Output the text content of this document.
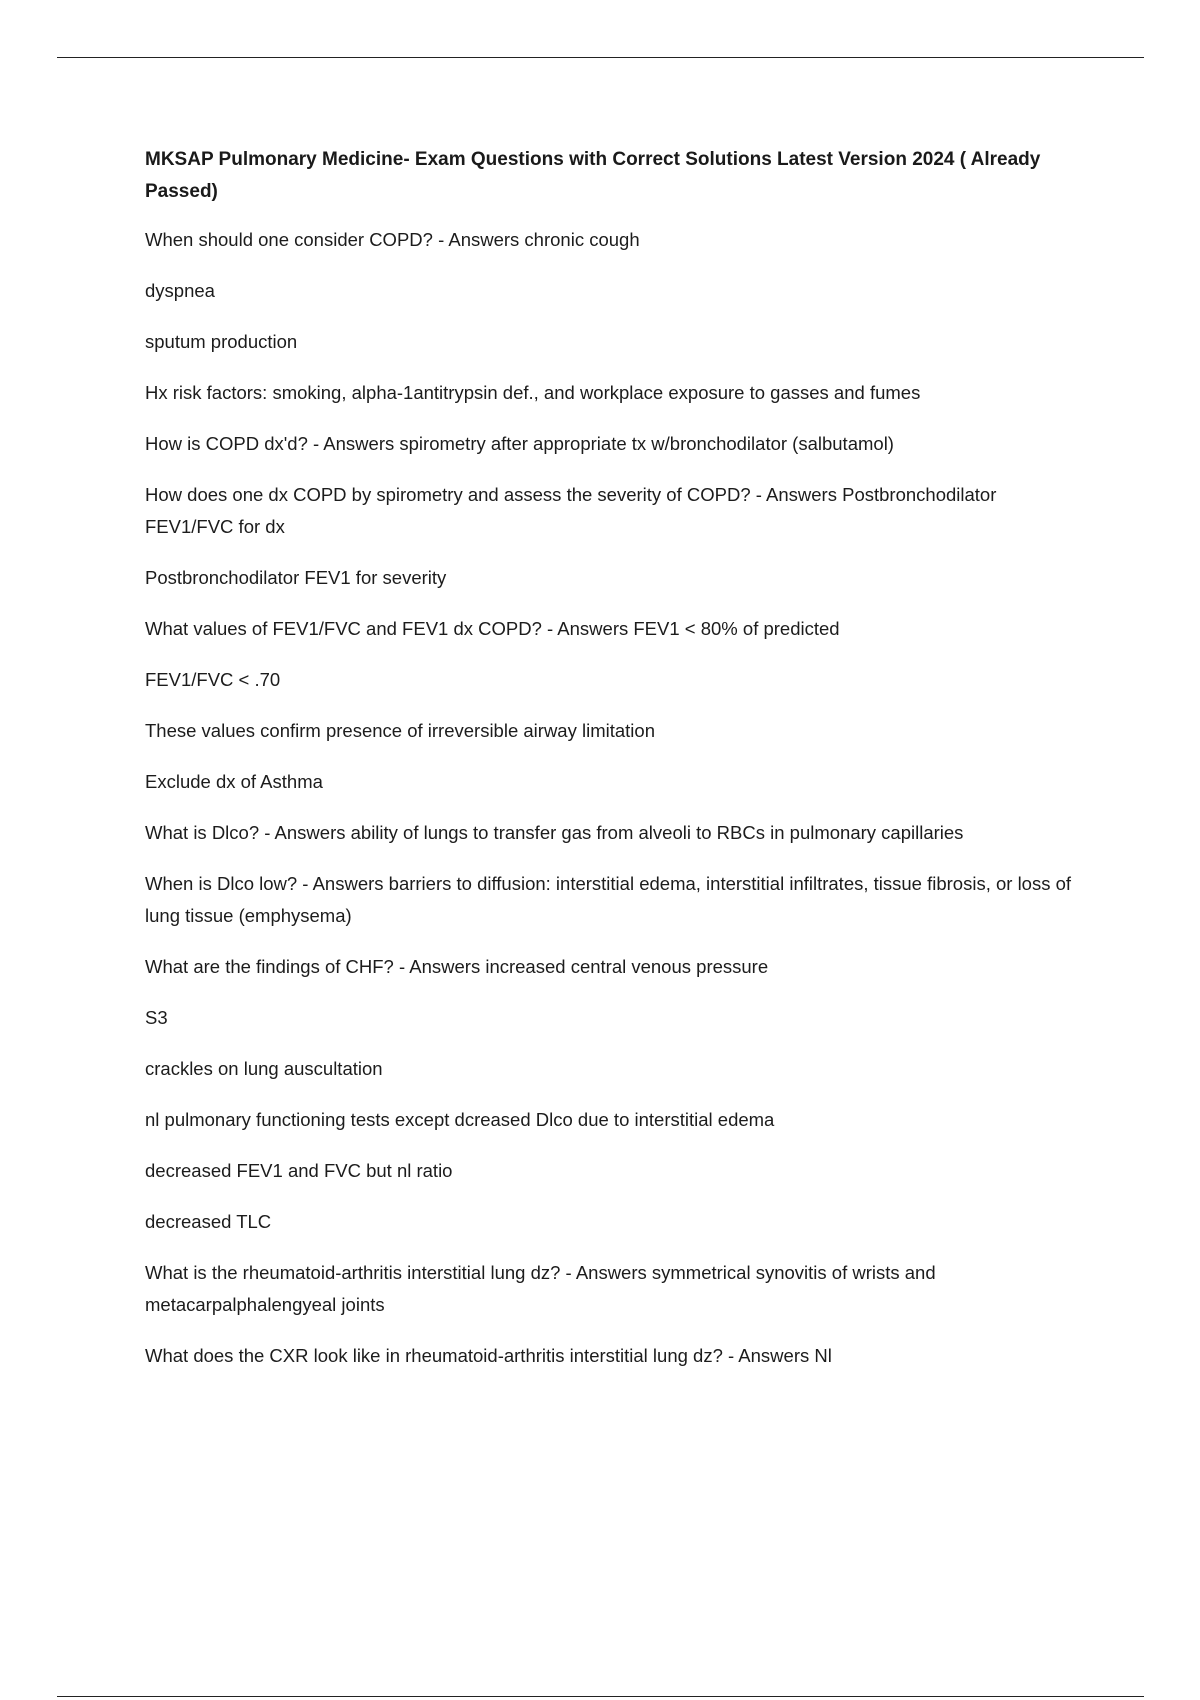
MKSAP Pulmonary Medicine- Exam Questions with Correct Solutions Latest Version 2024 ( Already Passed)
When should one consider COPD? - Answers chronic cough
dyspnea
sputum production
Hx risk factors: smoking, alpha-1antitrypsin def., and workplace exposure to gasses and fumes
How is COPD dx'd? - Answers spirometry after appropriate tx w/bronchodilator (salbutamol)
How does one dx COPD by spirometry and assess the severity of COPD? - Answers Postbronchodilator FEV1/FVC for dx
Postbronchodilator FEV1 for severity
What values of FEV1/FVC and FEV1 dx COPD? - Answers FEV1 < 80% of predicted
FEV1/FVC < .70
These values confirm presence of irreversible airway limitation
Exclude dx of Asthma
What is Dlco? - Answers ability of lungs to transfer gas from alveoli to RBCs in pulmonary capillaries
When is Dlco low? - Answers barriers to diffusion: interstitial edema, interstitial infiltrates, tissue fibrosis, or loss of lung tissue (emphysema)
What are the findings of CHF? - Answers increased central venous pressure
S3
crackles on lung auscultation
nl pulmonary functioning tests except dcreased Dlco due to interstitial edema
decreased FEV1 and FVC but nl ratio
decreased TLC
What is the rheumatoid-arthritis interstitial lung dz? - Answers symmetrical synovitis of wrists and metacarpalphalengyeal joints
What does the CXR look like in rheumatoid-arthritis interstitial lung dz? - Answers Nl
